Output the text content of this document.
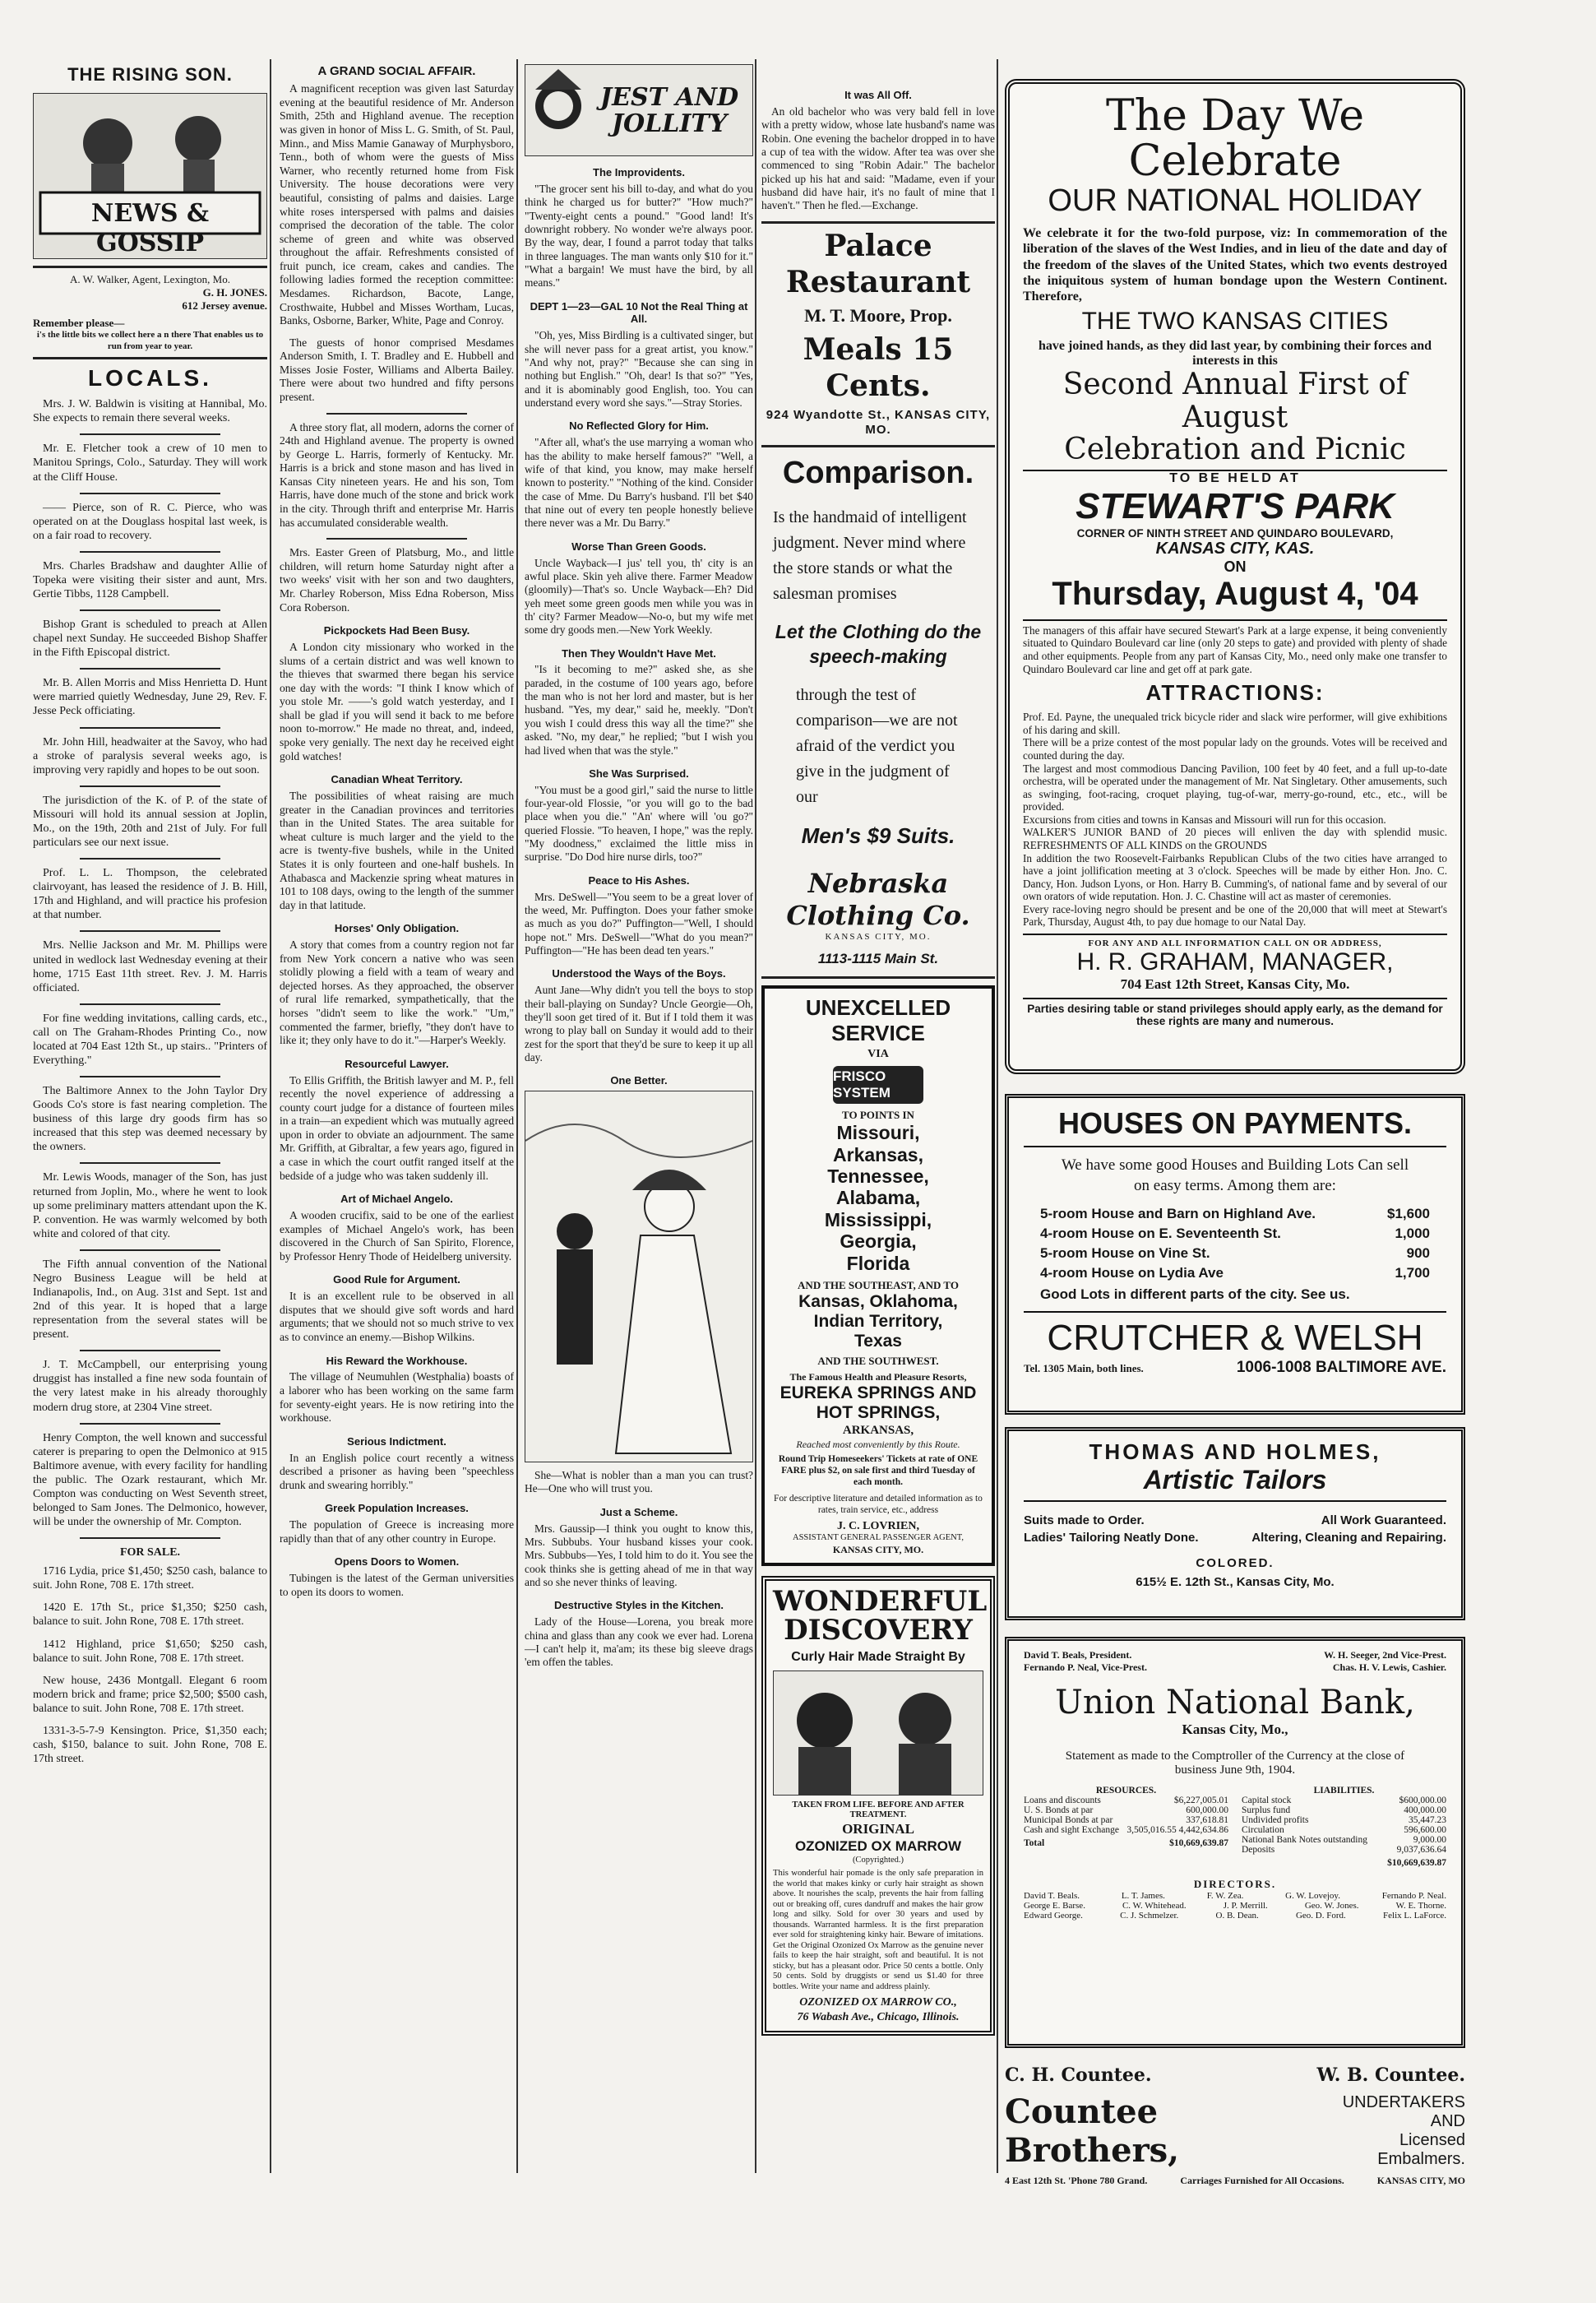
THE RISING SON.
NEWS & GOSSIP
A. W. Walker, Agent, Lexington, Mo.
G. H. JONES.
612 Jersey avenue.
Remember please—
i's the little bits we collect here a n there That enables us to run from year to year.
LOCALS.

Mrs. J. W. Baldwin is visiting at Hannibal, Mo. She expects to remain there several weeks.

Mr. E. Fletcher took a crew of 10 men to Manitou Springs, Colo., Saturday. They will work at the Cliff House.

—— Pierce, son of R. C. Pierce, who was operated on at the Douglass hospital last week, is on a fair road to recovery.

Mrs. Charles Bradshaw and daughter Allie of Topeka were visiting their sister and aunt, Mrs. Gertie Tibbs, 1128 Campbell.

Bishop Grant is scheduled to preach at Allen chapel next Sunday. He succeeded Bishop Shaffer in the Fifth Episcopal district.

Mr. B. Allen Morris and Miss Henrietta D. Hunt were married quietly Wednesday, June 29, Rev. F. Jesse Peck officiating.

Mr. John Hill, headwaiter at the Savoy, who had a stroke of paralysis several weeks ago, is improving very rapidly and hopes to be out soon.

The jurisdiction of the K. of P. of the state of Missouri will hold its annual session at Joplin, Mo., on the 19th, 20th and 21st of July. For full particulars see our next issue.

Prof. L. L. Thompson, the celebrated clairvoyant, has leased the residence of J. B. Hill, 17th and Highland, and will practice his profesion at that number.

Mrs. Nellie Jackson and Mr. M. Phillips were united in wedlock last Wednesday evening at their home, 1715 East 11th street. Rev. J. M. Harris officiated.

For fine wedding invitations, calling cards, etc., call on The Graham-Rhodes Printing Co., now located at 704 East 12th St., up stairs.. "Printers of Everything."

The Baltimore Annex to the John Taylor Dry Goods Co's store is fast nearing completion. The business of this large dry goods firm has so increased that this step was deemed necessary by the owners.

Mr. Lewis Woods, manager of the Son, has just returned from Joplin, Mo., where he went to look up some preliminary matters attendant upon the K. P. convention. He was warmly welcomed by both white and colored of that city.

The Fifth annual convention of the National Negro Business League will be held at Indianapolis, Ind., on Aug. 31st and Sept. 1st and 2nd of this year. It is hoped that a large representation from the several states will be present.

J. T. McCampbell, our enterprising young druggist has installed a fine new soda fountain of the very latest make in his already thoroughly modern drug store, at 2304 Vine street.

Henry Compton, the well known and successful caterer is preparing to open the Delmonico at 915 Baltimore avenue, with every facility for handling the public. The Ozark restaurant, which Mr. Compton was conducting on West Seventh street, belonged to Sam Jones. The Delmonico, however, will be under the ownership of Mr. Compton.

FOR SALE.

1716 Lydia, price $1,450; $250 cash, balance to suit. John Rone, 708 E. 17th street.

1420 E. 17th St., price $1,350; $250 cash, balance to suit. John Rone, 708 E. 17th street.

1412 Highland, price $1,650; $250 cash, balance to suit. John Rone, 708 E. 17th street.

New house, 2436 Montgall. Elegant 6 room modern brick and frame; price $2,500; $500 cash, balance to suit. John Rone, 708 E. 17th street.

1331-3-5-7-9 Kensington. Price, $1,350 each; cash, $150, balance to suit. John Rone, 708 E. 17th street.

A GRAND SOCIAL AFFAIR.

A magnificent reception was given last Saturday evening at the beautiful residence of Mr. Anderson Smith, 25th and Highland avenue. The reception was given in honor of Miss L. G. Smith, of St. Paul, Minn., and Miss Mamie Ganaway of Murphysboro, Tenn., both of whom were the guests of Miss Warner, who recently returned home from Fisk University. The house decorations were very beautiful, consisting of palms and daisies. Large white roses interspersed with palms and daisies comprised the decoration of the table. The color scheme of green and white was observed throughout the affair. Refreshments consisted of fruit punch, ice cream, cakes and candies. The following ladies formed the reception committee: Mesdames. Richardson, Bacote, Lange, Crosthwaite, Hubbel and Misses Wortham, Lucas, Banks, Osborne, Barker, White, Page and Conroy.

The guests of honor comprised Mesdames Anderson Smith, I. T. Bradley and E. Hubbell and Misses Josie Foster, Williams and Alberta Bailey. There were about two hundred and fifty persons present.

A three story flat, all modern, adorns the corner of 24th and Highland avenue. The property is owned by George L. Harris, formerly of Kentucky. Mr. Harris is a brick and stone mason and has lived in Kansas City nineteen years. He and his son, Tom Harris, have done much of the stone and brick work in the city. Through thrift and enterprise Mr. Harris has accumulated considerable wealth.

Mrs. Easter Green of Platsburg, Mo., and little children, will return home Saturday night after a two weeks' visit with her son and two daughters, Mr. Charley Roberson, Miss Edna Roberson, Miss Cora Roberson.

Pickpockets Had Been Busy.

A London city missionary who worked in the slums of a certain district and was well known to the thieves that swarmed there began his service one day with the words: "I think I know which of you stole Mr. ——'s gold watch yesterday, and I shall be glad if you will send it back to me before noon to-morrow." He made no threat, and, indeed, spoke very genially. The next day he received eight gold watches!

Canadian Wheat Territory.

The possibilities of wheat raising are much greater in the Canadian provinces and territories than in the United States. The area suitable for wheat culture is much larger and the yield to the acre is twenty-five bushels, while in the United States it is only fourteen and one-half bushels. In Athabasca and Mackenzie spring wheat matures in 101 to 108 days, owing to the length of the summer day in that latitude.

Horses' Only Obligation.

A story that comes from a country region not far from New York concern a native who was seen stolidly plowing a field with a team of weary and dejected horses. As they approached, the observer of rural life remarked, sympathetically, that the horses "didn't seem to like the work." "Um," commented the farmer, briefly, "they don't have to like it; they only have to do it."—Harper's Weekly.

Resourceful Lawyer.

To Ellis Griffith, the British lawyer and M. P., fell recently the novel experience of addressing a county court judge for a distance of fourteen miles in a train—an expedient which was mutually agreed upon in order to obviate an adjournment. The same Mr. Griffith, at Gibraltar, a few years ago, figured in a case in which the court outfit ranged itself at the bedside of a judge who was taken suddenly ill.

Art of Michael Angelo.

A wooden crucifix, said to be one of the earliest examples of Michael Angelo's work, has been discovered in the Church of San Spirito, Florence, by Professor Henry Thode of Heidelberg university.

Good Rule for Argument.

It is an excellent rule to be observed in all disputes that we should give soft words and hard arguments; that we should not so much strive to vex as to convince an enemy.—Bishop Wilkins.

His Reward the Workhouse.

The village of Neumuhlen (Westphalia) boasts of a laborer who has been working on the same farm for seventy-eight years. He is now retiring into the workhouse.

Serious Indictment.

In an English police court recently a witness described a prisoner as having been "speechless drunk and swearing horribly."

Greek Population Increases.

The population of Greece is increasing more rapidly than that of any other country in Europe.

Opens Doors to Women.

Tubingen is the latest of the German universities to open its doors to women.

JEST AND JOLLITY
The Improvidents.

"The grocer sent his bill to-day, and what do you think he charged us for butter?" "How much?" "Twenty-eight cents a pound." "Good land! It's downright robbery. No wonder we're always poor. By the way, dear, I found a parrot today that talks in three languages. The man wants only $10 for it." "What a bargain! We must have the bird, by all means."

DEPT 1—23—GAL 10 Not the Real Thing at All.

"Oh, yes, Miss Birdling is a cultivated singer, but she will never pass for a great artist, you know." "And why not, pray?" "Because she can sing in nothing but English." "Oh, dear! Is that so?" "Yes, and it is abominably good English, too. You can understand every word she says."—Stray Stories.

No Reflected Glory for Him.

"After all, what's the use marrying a woman who has the ability to make herself famous?" "Well, a wife of that kind, you know, may make herself known to posterity." "Nothing of the kind. Consider the case of Mme. Du Barry's husband. I'll bet $40 that nine out of every ten people honestly believe there never was a Mr. Du Barry."

Worse Than Green Goods.

Uncle Wayback—I jus' tell you, th' city is an awful place. Skin yeh alive there. Farmer Meadow (gloomily)—That's so. Uncle Wayback—Eh? Did yeh meet some green goods men while you was in th' city? Farmer Meadow—No-o, but my wife met some dry goods men.—New York Weekly.

Then They Wouldn't Have Met.

"Is it becoming to me?" asked she, as she paraded, in the costume of 100 years ago, before the man who is not her lord and master, but is her husband. "Yes, my dear," said he, meekly. "Don't you wish I could dress this way all the time?" she asked. "No, my dear," he replied; "but I wish you had lived when that was the style."

She Was Surprised.

"You must be a good girl," said the nurse to little four-year-old Flossie, "or you will go to the bad place when you die." "An' where will 'ou go?" queried Flossie. "To heaven, I hope," was the reply. "My doodness," exclaimed the little miss in surprise. "Do Dod hire nurse dirls, too?"

Peace to His Ashes.

Mrs. DeSwell—"You seem to be a great lover of the weed, Mr. Puffington. Does your father smoke as much as you do?" Puffington—"Well, I should hope not." Mrs. DeSwell—"What do you mean?" Puffington—"He has been dead ten years."

Understood the Ways of the Boys.

Aunt Jane—Why didn't you tell the boys to stop their ball-playing on Sunday? Uncle Georgie—Oh, they'll soon get tired of it. But if I told them it was wrong to play ball on Sunday it would add to their zest for the sport that they'd be sure to keep it up all day.

One Better.

She—What is nobler than a man you can trust? He—One who will trust you.

Just a Scheme.

Mrs. Gaussip—I think you ought to know this, Mrs. Subbubs. Your husband kisses your cook. Mrs. Subbubs—Yes, I told him to do it. You see the cook thinks she is getting ahead of me in that way and so she never thinks of leaving.

Destructive Styles in the Kitchen.

Lady of the House—Lorena, you break more china and glass than any cook we ever had. Lorena—I can't help it, ma'am; its these big sleeve drags 'em offen the tables.

It was All Off.

An old bachelor who was very bald fell in love with a pretty widow, whose late husband's name was Robin. One evening the bachelor dropped in to have a cup of tea with the widow. After tea was over she commenced to sing "Robin Adair." The bachelor picked up his hat and said: "Madame, even if your husband did have hair, it's no fault of mine that I haven't." Then he fled.—Exchange.

Palace Restaurant
M. T. Moore, Prop.
Meals 15 Cents.
924 Wyandotte St., KANSAS CITY, MO.
Comparison.
Is the handmaid of intelligent judgment. Never mind where the store stands or what the salesman promises
Let the Clothing do the speech-making
through the test of comparison—we are not afraid of the verdict you give in the judgment of our
Men's $9 Suits.
Nebraska Clothing Co.
KANSAS CITY, MO.
1113-1115 Main St.
UNEXCELLED SERVICE
VIA
FRISCO SYSTEM
TO POINTS IN
Missouri,
Arkansas,
Tennessee,
Alabama,
Mississippi,
Georgia,
Florida
AND THE SOUTHEAST, AND TO
Kansas, Oklahoma,
Indian Territory,
Texas
AND THE SOUTHWEST.
The Famous Health and Pleasure Resorts,
EUREKA SPRINGS AND HOT SPRINGS,
ARKANSAS,
Reached most conveniently by this Route.
Round Trip Homeseekers' Tickets at rate of ONE FARE plus $2, on sale first and third Tuesday of each month.
For descriptive literature and detailed information as to rates, train service, etc., address
J. C. LOVRIEN,
ASSISTANT GENERAL PASSENGER AGENT,
KANSAS CITY, MO.
WONDERFUL
DISCOVERY
Curly Hair Made Straight By
TAKEN FROM LIFE. BEFORE AND AFTER TREATMENT.
ORIGINAL
OZONIZED OX MARROW
(Copyrighted.)
This wonderful hair pomade is the only safe preparation in the world that makes kinky or curly hair straight as shown above. It nourishes the scalp, prevents the hair from falling out or breaking off, cures dandruff and makes the hair grow long and silky. Sold for over 30 years and used by thousands. Warranted harmless. It is the first preparation ever sold for straightening kinky hair. Beware of imitations. Get the Original Ozonized Ox Marrow as the genuine never fails to keep the hair straight, soft and beautiful. It is not sticky, but has a pleasant odor. Price 50 cents a bottle. Only 50 cents. Sold by druggists or send us $1.40 for three bottles. Write your name and address plainly.
OZONIZED OX MARROW CO.,
76 Wabash Ave., Chicago, Illinois.
The Day We Celebrate
OUR NATIONAL HOLIDAY
We celebrate it for the two-fold purpose, viz: In commemoration of the liberation of the slaves of the West Indies, and in lieu of the date and day of the freedom of the slaves of the United States, which two events destroyed the iniquitous system of human bondage upon the Western Continent. Therefore,
THE TWO KANSAS CITIES
have joined hands, as they did last year, by combining their forces and interests in this
Second Annual First of August
Celebration and Picnic
TO BE HELD AT
STEWART'S PARK
CORNER OF NINTH STREET AND QUINDARO BOULEVARD,
KANSAS CITY, KAS.
ON
Thursday, August 4, '04
The managers of this affair have secured Stewart's Park at a large expense, it being conveniently situated to Quindaro Boulevard car line (only 20 steps to gate) and provided with plenty of shade and other equipments. People from any part of Kansas City, Mo., need only make one transfer to Quindaro Boulevard car line and get off at park gate.
ATTRACTIONS:
Prof. Ed. Payne, the unequaled trick bicycle rider and slack wire performer, will give exhibitions of his daring and skill.
There will be a prize contest of the most popular lady on the grounds. Votes will be received and counted during the day.
The largest and most commodious Dancing Pavilion, 100 feet by 40 feet, and a full up-to-date orchestra, will be operated under the management of Mr. Nat Singletary. Other amusements, such as swinging, foot-racing, croquet playing, tug-of-war, merry-go-round, etc., etc., will be provided.
Excursions from cities and towns in Kansas and Missouri will run for this occasion.
WALKER'S JUNIOR BAND of 20 pieces will enliven the day with splendid music. REFRESHMENTS OF ALL KINDS on the GROUNDS
In addition the two Roosevelt-Fairbanks Republican Clubs of the two cities have arranged to have a joint jollification meeting at 3 o'clock. Speeches will be made by either Hon. Jno. C. Dancy, Hon. Judson Lyons, or Hon. Harry B. Cumming's, of national fame and by several of our own orators of wide reputation. Hon. J. C. Chastine will act as master of ceremonies.
Every race-loving negro should be present and be one of the 20,000 that will meet at Stewart's Park, Thursday, August 4th, to pay due homage to our Natal Day.
FOR ANY AND ALL INFORMATION CALL ON OR ADDRESS,
H. R. GRAHAM, MANAGER,
704 East 12th Street, Kansas City, Mo.
Parties desiring table or stand privileges should apply early, as the demand for these rights are many and numerous.
HOUSES ON PAYMENTS.
We have some good Houses and Building Lots Can sell on easy terms. Among them are:
5-room House and Barn on Highland Ave.	$1,600
4-room House on E. Seventeenth St.	1,000
5-room House on Vine St.	900
4-room House on Lydia Ave	1,700
Good Lots in different parts of the city. See us.
CRUTCHER & WELSH
Tel. 1305 Main, both lines.	1006-1008 BALTIMORE AVE.
THOMAS AND HOLMES,
Artistic Tailors
Suits made to Order.	All Work Guaranteed.
Ladies' Tailoring Neatly Done.	Altering, Cleaning and Repairing.
COLORED.
615½ E. 12th St., Kansas City, Mo.
David T. Beals, President.
Fernando P. Neal, Vice-Prest.
W. H. Seeger, 2nd Vice-Prest.
Chas. H. V. Lewis, Cashier.
Union National Bank,
Kansas City, Mo.,
Statement as made to the Comptroller of the Currency at the close of business June 9th, 1904.
RESOURCES.
Loans and discounts	$6,227,005.01
U. S. Bonds at par	600,000.00
Municipal Bonds at par	337,618.81
Cash and sight Exchange 3,505,016.55 4,442,634.86
Total	$10,669,639.87
LIABILITIES.
Capital stock	$600,000.00
Surplus fund	400,000.00
Undivided profits	35,447.23
Circulation	596,600.00
National Bank Notes outstanding	9,000.00
Deposits	9,037,636.64
$10,669,639.87
DIRECTORS.
David T. Beals.	L. T. James.	F. W. Zea.	G. W. Lovejoy.	Fernando P. Neal.
George E. Barse.	C. W. Whitehead.	J. P. Merrill.	Geo. W. Jones.	W. E. Thorne.
Edward George.	C. J. Schmelzer.	O. B. Dean.	Geo. D. Ford.	Felix L. LaForce.
C. H. Countee.	W. B. Countee.
Countee Brothers,
UNDERTAKERS AND
Licensed Embalmers.
4 East 12th St. 'Phone 780 Grand.	Carriages Furnished for All Occasions.	KANSAS CITY, MO
